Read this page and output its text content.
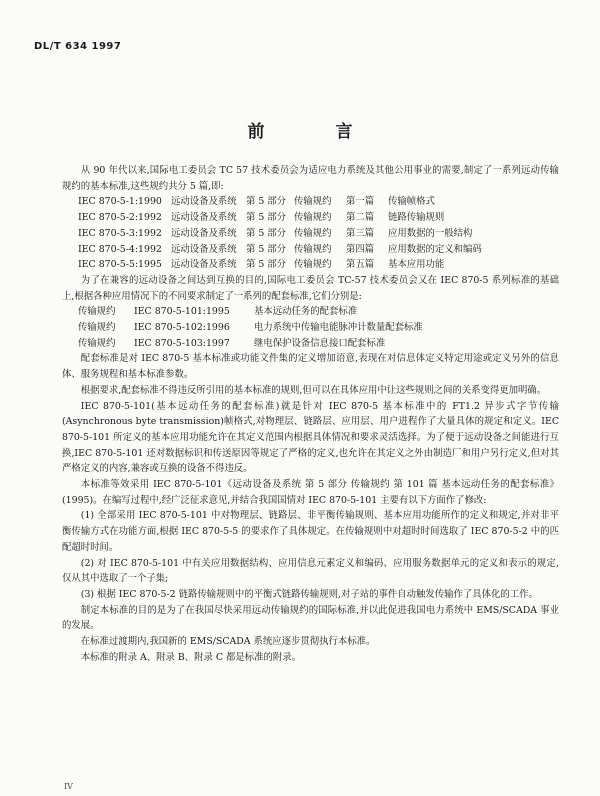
DL/T 634 1997
前	言

从 90 年代以来,国际电工委员会 TC 57 技术委员会为适应电力系统及其他公用事业的需要,制定了一系列远动传输规约的基本标准,这些规约共分 5 篇,即:

IEC 870-5-1:1990 远动设备及系统 第 5 部分 传输规约 第一篇 传输帧格式
IEC 870-5-2:1992 远动设备及系统 第 5 部分 传输规约 第二篇 链路传输规则
IEC 870-5-3:1992 远动设备及系统 第 5 部分 传输规约 第三篇 应用数据的一般结构
IEC 870-5-4:1992 远动设备及系统 第 5 部分 传输规约 第四篇 应用数据的定义和编码
IEC 870-5-5:1995 远动设备及系统 第 5 部分 传输规约 第五篇 基本应用功能

为了在兼容的远动设备之间达到互换的目的,国际电工委员会 TC-57 技术委员会又在 IEC 870-5 系列标准的基础上,根据各种应用情况下的不同要求制定了一系列的配套标准,它们分别是:

传输规约 IEC 870-5-101:1995	基本远动任务的配套标准
传输规约 IEC 870-5-102:1996	电力系统中传输电能脉冲计数量配套标准
传输规约 IEC 870-5-103:1997	继电保护设备信息接口配套标准

配套标准是对 IEC 870-5 基本标准或功能文件集的定义增加语意,表现在对信息体定义特定用途或定义另外的信息体、服务规程和基本标准参数。

根据要求,配套标准不得违反所引用的基本标准的规则,但可以在具体应用中让这些规则之间的关系变得更加明确。

IEC 870-5-101(基本远动任务的配套标准)就是针对 IEC 870-5 基本标准中的 FT1.2 异步式字节传输(Asynchronous byte transmission)帧格式,对物理层、链路层、应用层、用户进程作了大量具体的规定和定义。IEC 870-5-101 所定义的基本应用功能允许在其定义范围内根据具体情况和要求灵活选择。为了便于远动设备之间能进行互换,IEC 870-5-101 还对数据标识和传送原因等规定了严格的定义,也允许在其定义之外由制造厂和用户另行定义,但对其严格定义的内容,兼容或互换的设备不得违反。

本标准等效采用 IEC 870-5-101《远动设备及系统 第 5 部分 传输规约 第 101 篇 基本远动任务的配套标准》(1995)。在编写过程中,经广泛征求意见,并结合我国国情对 IEC 870-5-101 主要有以下方面作了修改:

(1) 全部采用 IEC 870-5-101 中对物理层、链路层、非平衡传输规则、基本应用功能所作的定义和规定,并对非平衡传输方式在功能方面,根据 IEC 870-5-5 的要求作了具体规定。在传输规则中对超时时间选取了 IEC 870-5-2 中的匹配超时时间。

(2) 对 IEC 870-5-101 中有关应用数据结构、应用信息元素定义和编码、应用服务数据单元的定义和表示的规定,仅从其中选取了一个子集;

(3) 根据 IEC 870-5-2 链路传输规则中的平衡式链路传输规则,对子站的事件自动触发传输作了具体化的工作。

制定本标准的目的是为了在我国尽快采用远动传输规约的国际标准,并以此促进我国电力系统中 EMS/SCADA 事业的发展。

在标准过渡期内,我国新的 EMS/SCADA 系统应逐步贯彻执行本标准。

本标准的附录 A、附录 B、附录 C 都是标准的附录。

IV
